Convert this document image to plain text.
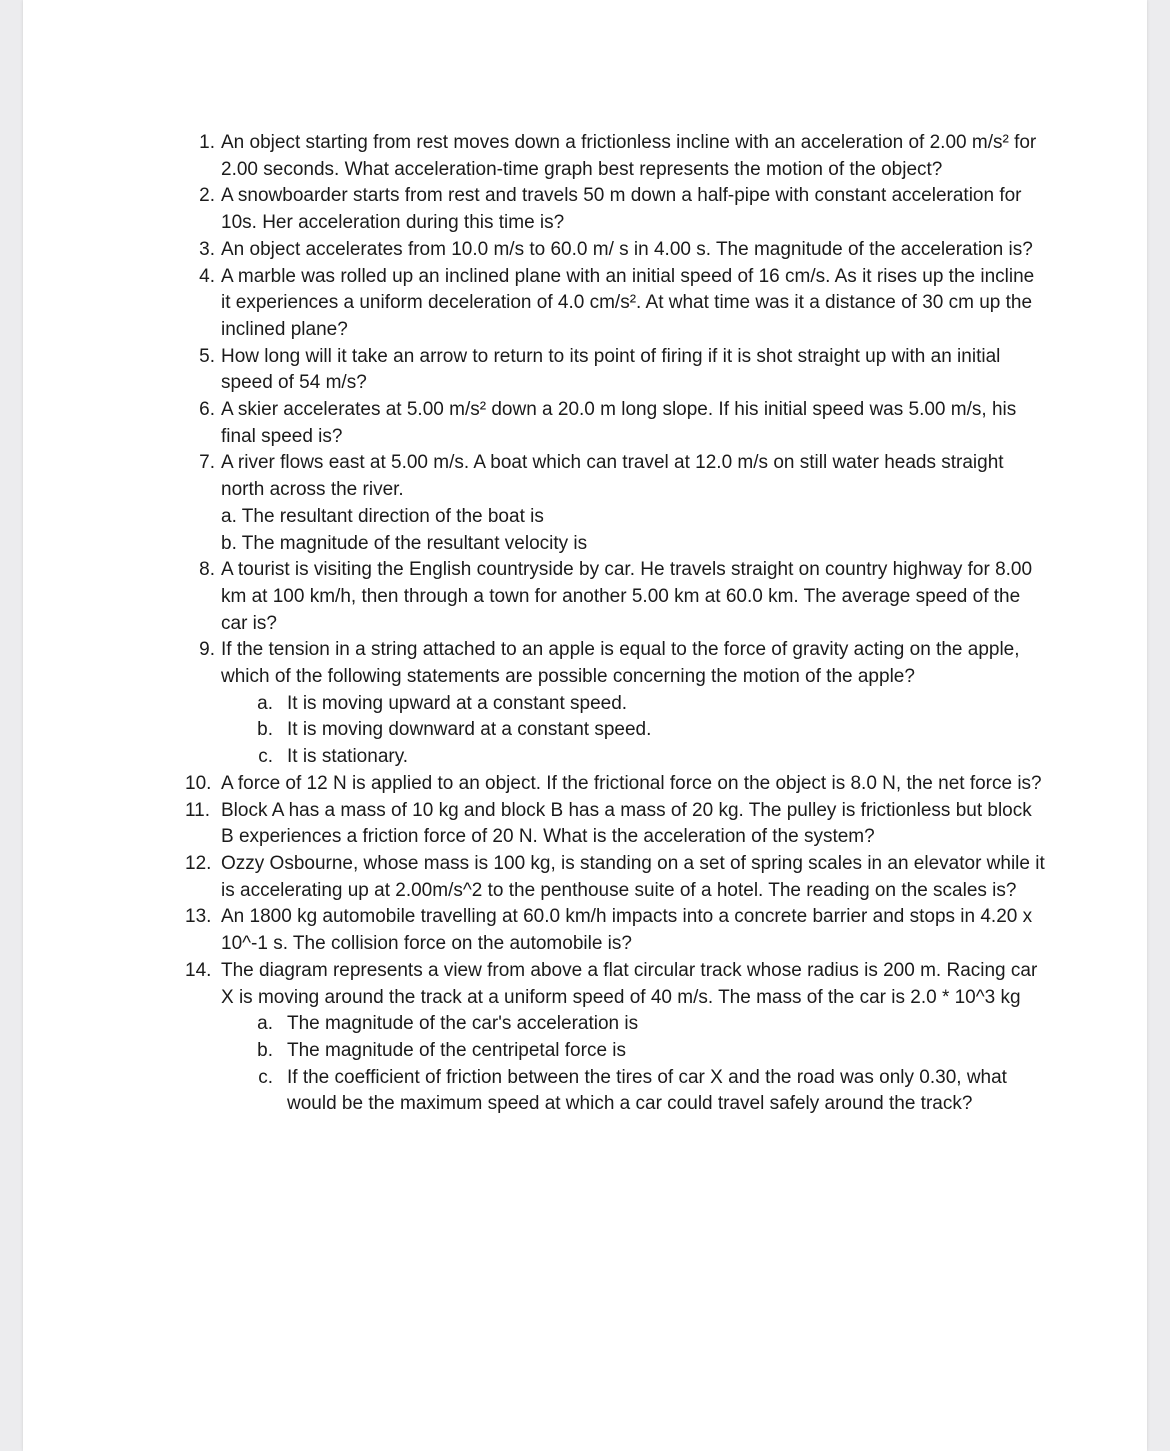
1. An object starting from rest moves down a frictionless incline with an acceleration of 2.00 m/s² for 2.00 seconds. What acceleration-time graph best represents the motion of the object?
2. A snowboarder starts from rest and travels 50 m down a half-pipe with constant acceleration for 10s. Her acceleration during this time is?
3. An object accelerates from 10.0 m/s to 60.0 m/ s in 4.00 s. The magnitude of the acceleration is?
4. A marble was rolled up an inclined plane with an initial speed of 16 cm/s. As it rises up the incline it experiences a uniform deceleration of 4.0 cm/s². At what time was it a distance of 30 cm up the inclined plane?
5. How long will it take an arrow to return to its point of firing if it is shot straight up with an initial speed of 54 m/s?
6. A skier accelerates at 5.00 m/s² down a 20.0 m long slope. If his initial speed was 5.00 m/s, his final speed is?
7. A river flows east at 5.00 m/s. A boat which can travel at 12.0 m/s on still water heads straight north across the river.
a. The resultant direction of the boat is
b. The magnitude of the resultant velocity is
8. A tourist is visiting the English countryside by car. He travels straight on country highway for 8.00 km at 100 km/h, then through a town for another 5.00 km at 60.0 km. The average speed of the car is?
9. If the tension in a string attached to an apple is equal to the force of gravity acting on the apple, which of the following statements are possible concerning the motion of the apple?
a. It is moving upward at a constant speed.
b. It is moving downward at a constant speed.
c. It is stationary.
10. A force of 12 N is applied to an object. If the frictional force on the object is 8.0 N, the net force is?
11. Block A has a mass of 10 kg and block B has a mass of 20 kg. The pulley is frictionless but block B experiences a friction force of 20 N. What is the acceleration of the system?
12. Ozzy Osbourne, whose mass is 100 kg, is standing on a set of spring scales in an elevator while it is accelerating up at 2.00m/s^2 to the penthouse suite of a hotel. The reading on the scales is?
13. An 1800 kg automobile travelling at 60.0 km/h impacts into a concrete barrier and stops in 4.20 x 10^-1 s. The collision force on the automobile is?
14. The diagram represents a view from above a flat circular track whose radius is 200 m. Racing car X is moving around the track at a uniform speed of 40 m/s. The mass of the car is 2.0 * 10^3 kg
a. The magnitude of the car's acceleration is
b. The magnitude of the centripetal force is
c. If the coefficient of friction between the tires of car X and the road was only 0.30, what would be the maximum speed at which a car could travel safely around the track?
